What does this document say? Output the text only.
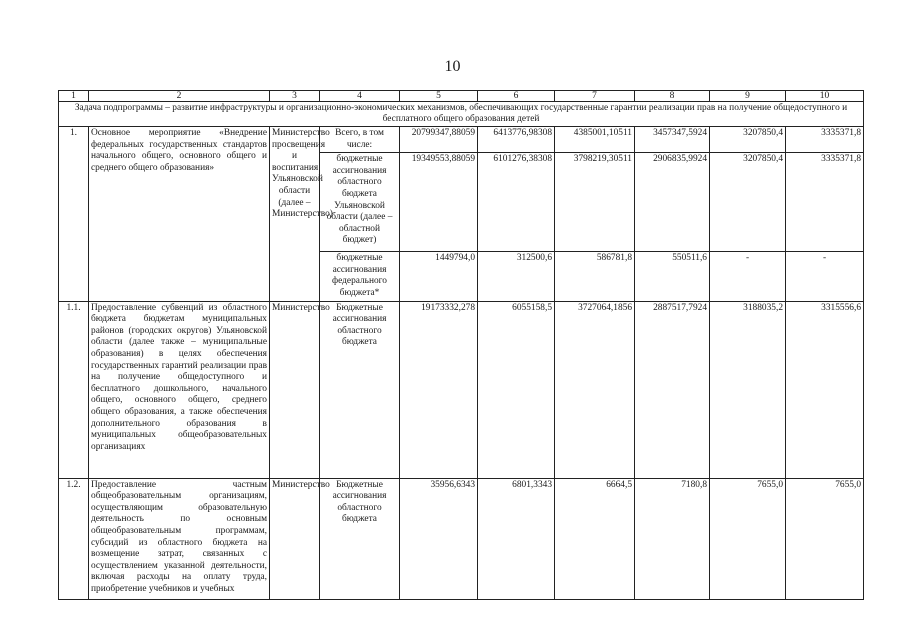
10
1	2	3	4	5	6	7	8	9	10
Задача подпрограммы – развитие инфраструктуры и организационно-экономических механизмов, обеспечивающих государственные гарантии реализации прав на получение общедоступного и бесплатного общего образования детей									
1.	Основное мероприятие «Внедрение федеральных государственных стандартов начального общего, основного общего и среднего общего образования»	Министерство просвещения и воспитания Ульяновской области (далее – Министерство)	Всего, в том числе:	20799347,88059	6413776,98308	4385001,10511	3457347,5924	3207850,4	3335371,8
			бюджетные ассигнования областного бюджета Ульяновской области (далее – областной бюджет)	19349553,88059	6101276,38308	3798219,30511	2906835,9924	3207850,4	3335371,8
			бюджетные ассигнования федерального бюджета*	1449794,0	312500,6	586781,8	550511,6	-	-
1.1.	Предоставление субвенций из областного бюджета бюджетам муниципальных районов (городских округов) Ульяновской области (далее также – муниципальные образования) в целях обеспечения государственных гарантий реализации прав на получение общедоступного и бесплатного дошкольного, начального общего, основного общего, среднего общего образования, а также обеспечения дополнительного образования в муниципальных общеобразовательных организациях	Министерство	Бюджетные ассигнования областного бюджета	19173332,278	6055158,5	3727064,1856	2887517,7924	3188035,2	3315556,6
1.2.	Предоставление частным общеобразовательным организациям, осуществляющим образовательную деятельность по основным общеобразовательным программам, субсидий из областного бюджета на возмещение затрат, связанных с осуществлением указанной деятельности, включая расходы на оплату труда, приобретение учебников и учебных	Министерство	Бюджетные ассигнования областного бюджета	35956,6343	6801,3343	6664,5	7180,8	7655,0	7655,0
